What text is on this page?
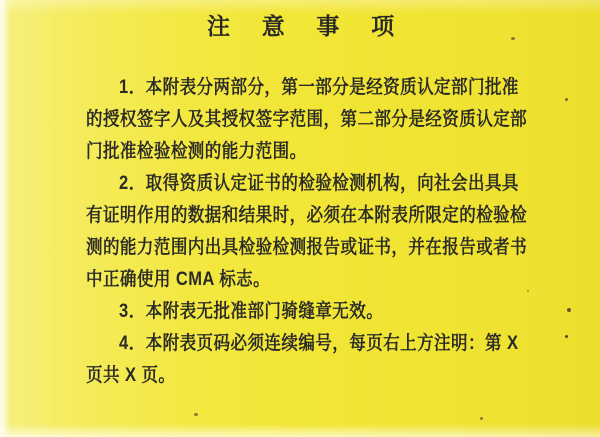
注 意 事 项
1．本附表分两部分，第一部分是经资质认定部门批准
的授权签字人及其授权签字范围，第二部分是经资质认定部
门批准检验检测的能力范围。
2．取得资质认定证书的检验检测机构，向社会出具具
有证明作用的数据和结果时，必须在本附表所限定的检验检
测的能力范围内出具检验检测报告或证书，并在报告或者书
中正确使用 CMA 标志。
3．本附表无批准部门骑缝章无效。
4．本附表页码必须连续编号，每页右上方注明：第 X
页共 X 页。
